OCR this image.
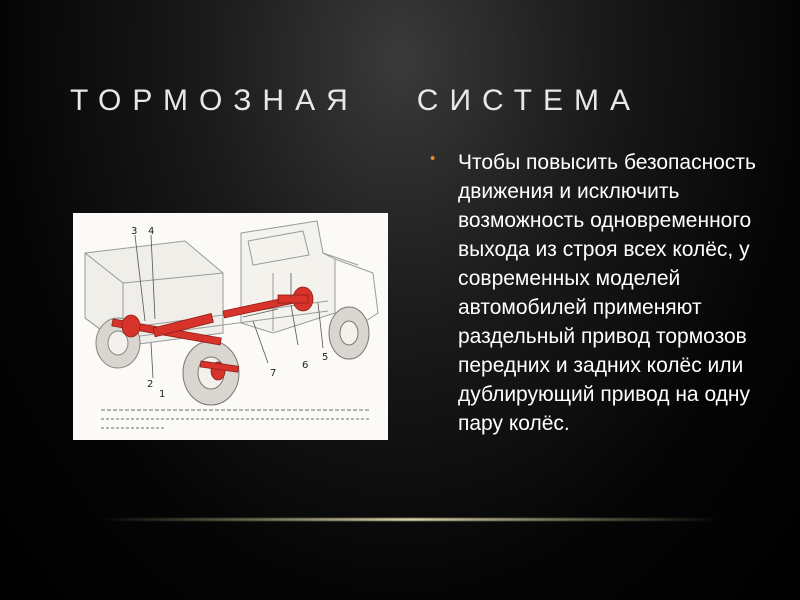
ТОРМОЗНАЯ   СИСТЕМА
3 4
2
1
7
6
5
• Чтобы повысить безопасность движения и исключить возможность одновременного выхода из строя всех колёс, у современных моделей автомобилей применяют раздельный привод тормозов передних и задних колёс или дублирующий привод на одну пару колёс.
